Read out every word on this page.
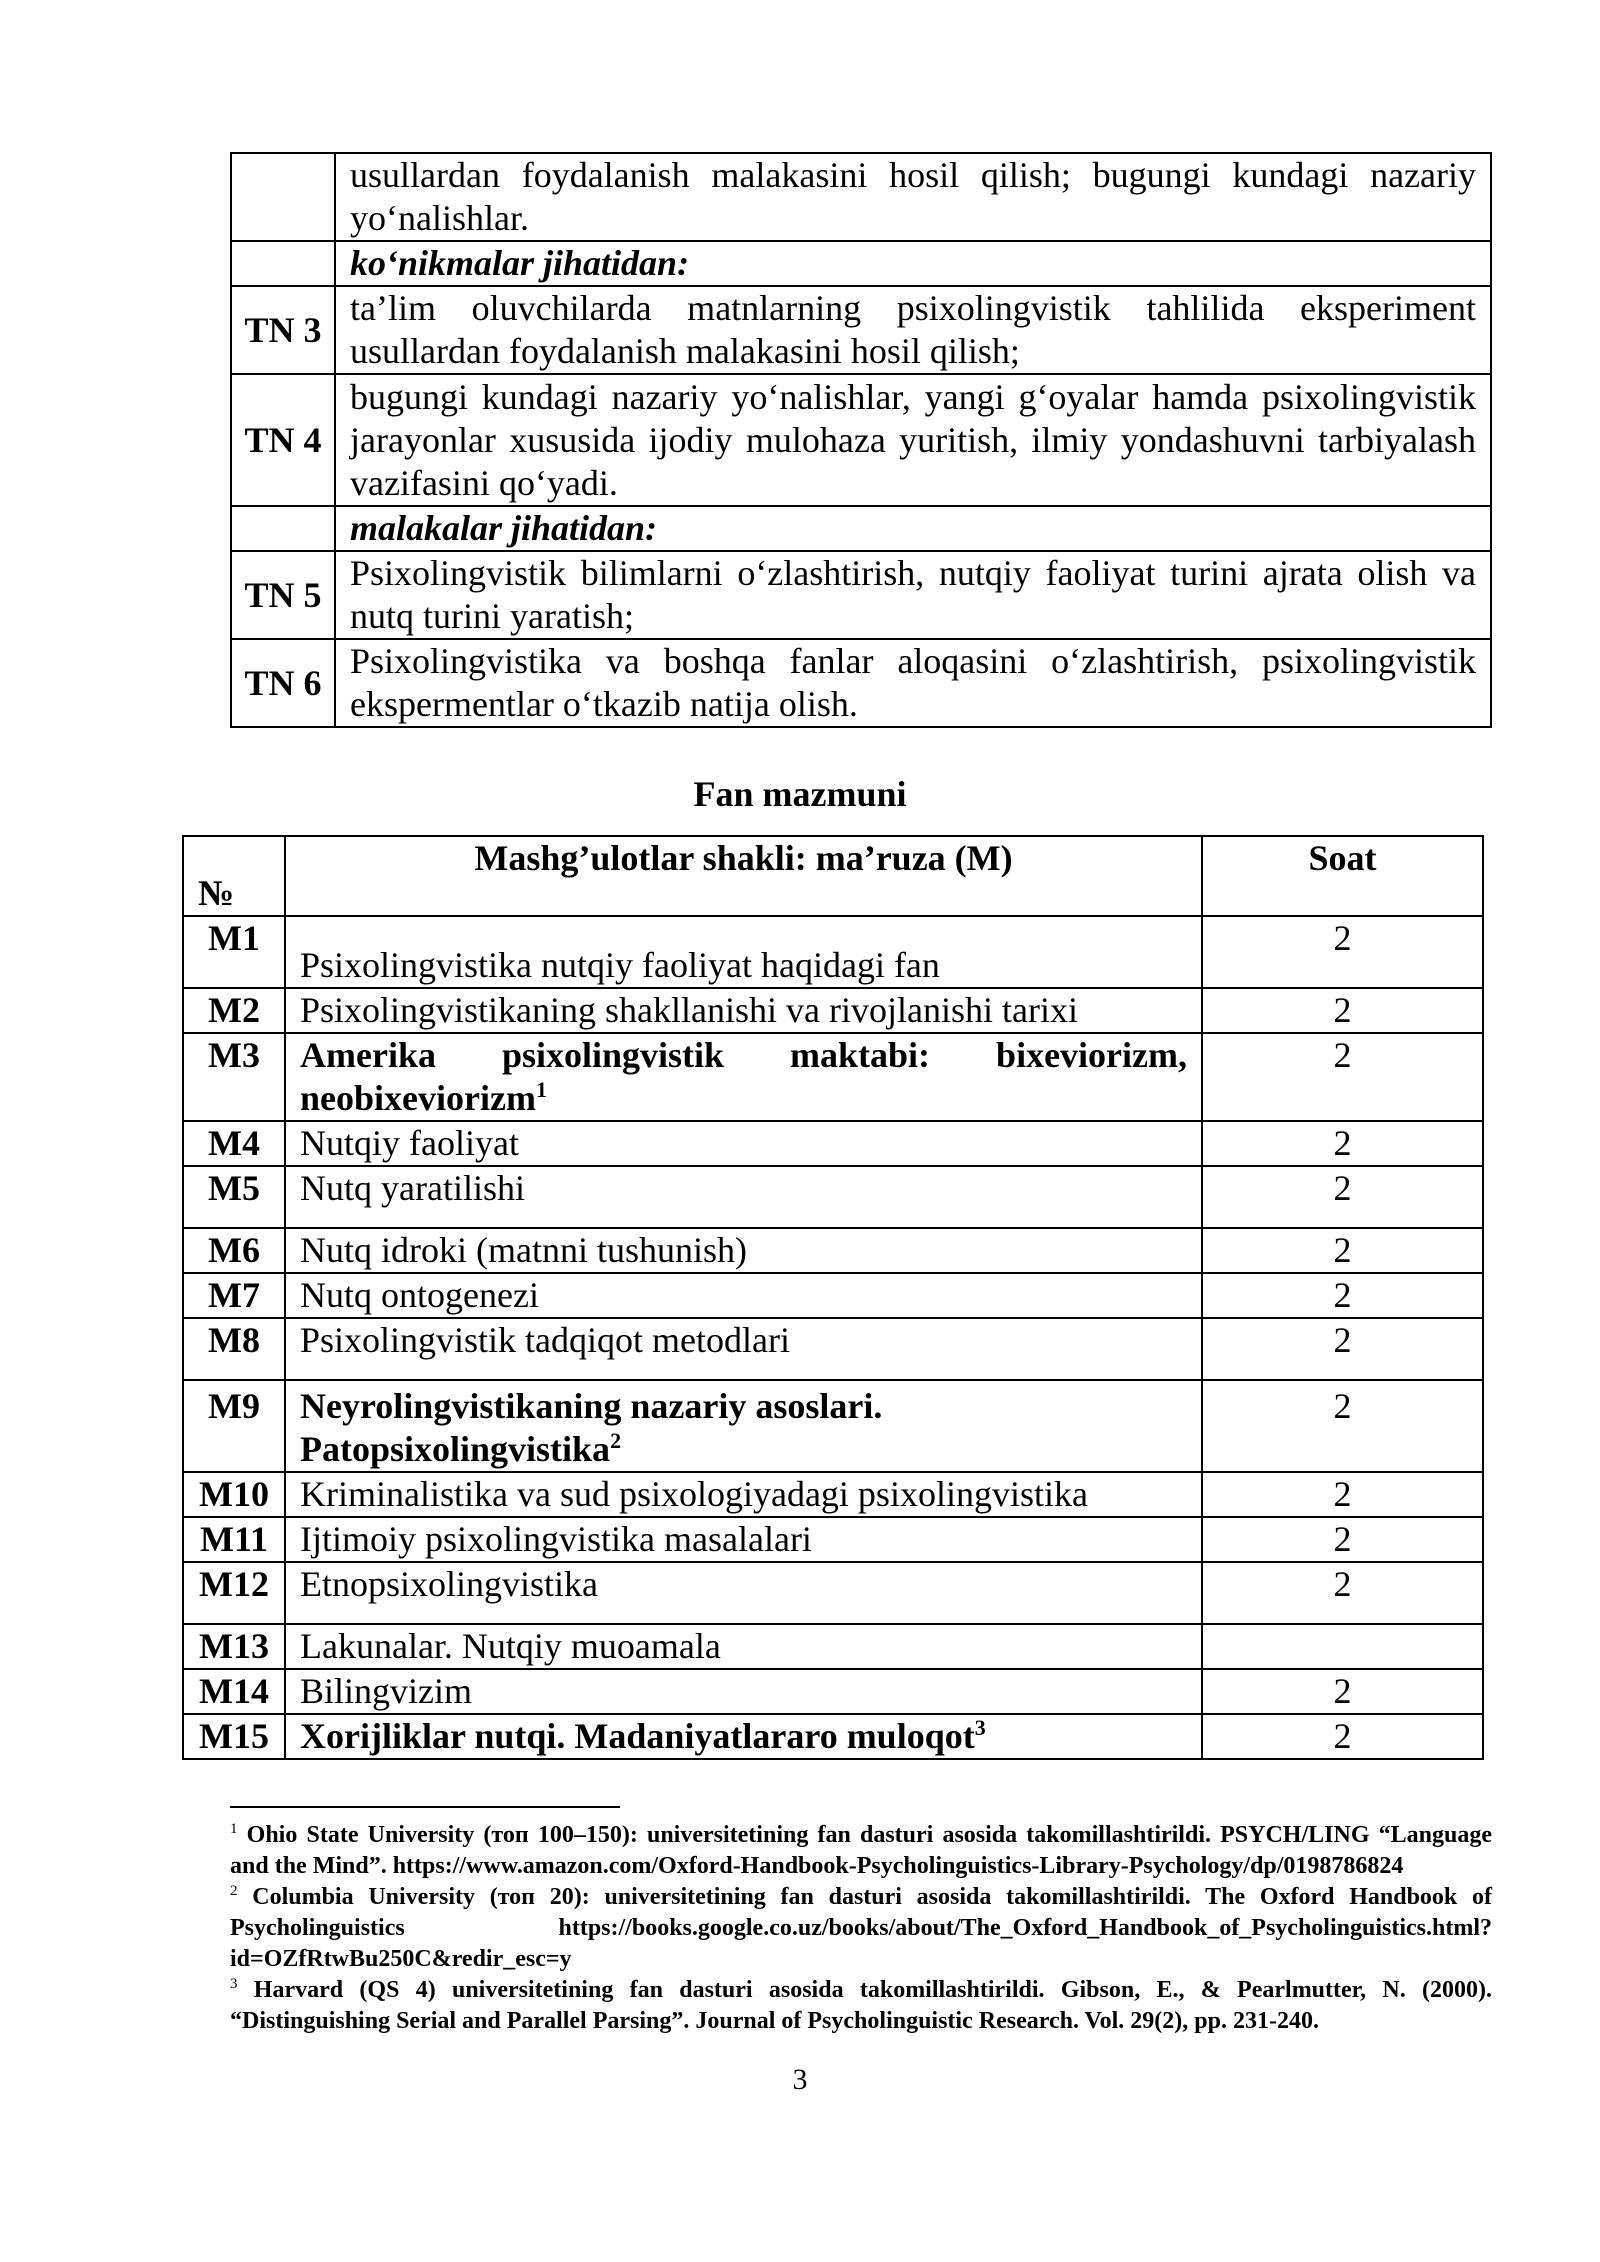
	usullardan foydalanish malakasini hosil qilish; bugungi kundagi nazariy yo‘nalishlar.
	ko‘nikmalar jihatidan:
TN 3	ta’lim oluvchilarda matnlarning psixolingvistik tahlilida eksperiment usullardan foydalanish malakasini hosil qilish;
TN 4	bugungi kundagi nazariy yo‘nalishlar, yangi g‘oyalar hamda psixolingvistik jarayonlar xususida ijodiy mulohaza yuritish, ilmiy yondashuvni tarbiyalash vazifasini qo‘yadi.
	malakalar jihatidan:
TN 5	Psixolingvistik bilimlarni o‘zlashtirish, nutqiy faoliyat turini ajrata olish va nutq turini yaratish;
TN 6	Psixolingvistika va boshqa fanlar aloqasini o‘zlashtirish, psixolingvistik ekspermentlar o‘tkazib natija olish.
Fan mazmuni
№	Mashg’ulotlar shakli: ma’ruza (M)	Soat
M1	Psixolingvistika nutqiy faoliyat haqidagi fan	2
M2	Psixolingvistikaning shakllanishi va rivojlanishi tarixi	2
M3	Amerika psixolingvistik maktabi: bixeviorizm, neobixeviorizm$^1$	2
M4	Nutqiy faoliyat	2
M5	Nutq yaratilishi	2
M6	Nutq idroki (matnni tushunish)	2
M7	Nutq ontogenezi	2
M8	Psixolingvistik tadqiqot metodlari	2
M9	Neyrolingvistikaning nazariy asoslari.
Patopsixolingvistika$^2$	2
M10	Kriminalistika va sud psixologiyadagi psixolingvistika	2
M11	Ijtimoiy psixolingvistika masalalari	2
M12	Etnopsixolingvistika	2
M13	Lakunalar. Nutqiy muoamala	
M14	Bilingvizim	2
M15	Xorijliklar nutqi. Madaniyatlararo muloqot$^3$	2

$^1$ Ohio State University (топ 100–150): universitetining fan dasturi asosida takomillashtirildi. PSYCH/LING “Language and the Mind”. https://www.amazon.com/Oxford-Handbook-Psycholinguistics-Library-Psychology/dp/0198786824

$^2$ Columbia University (топ 20): universitetining fan dasturi asosida takomillashtirildi. The Oxford Handbook of Psycholinguistics https://books.google.co.uz/books/about/The_Oxford_Handbook_of_Psycholinguistics.html?id=OZfRtwBu250C&redir_esc=y

$^3$ Harvard (QS 4) universitetining fan dasturi asosida takomillashtirildi. Gibson, E., & Pearlmutter, N. (2000). “Distinguishing Serial and Parallel Parsing”. Journal of Psycholinguistic Research. Vol. 29(2), pp. 231-240.

3
